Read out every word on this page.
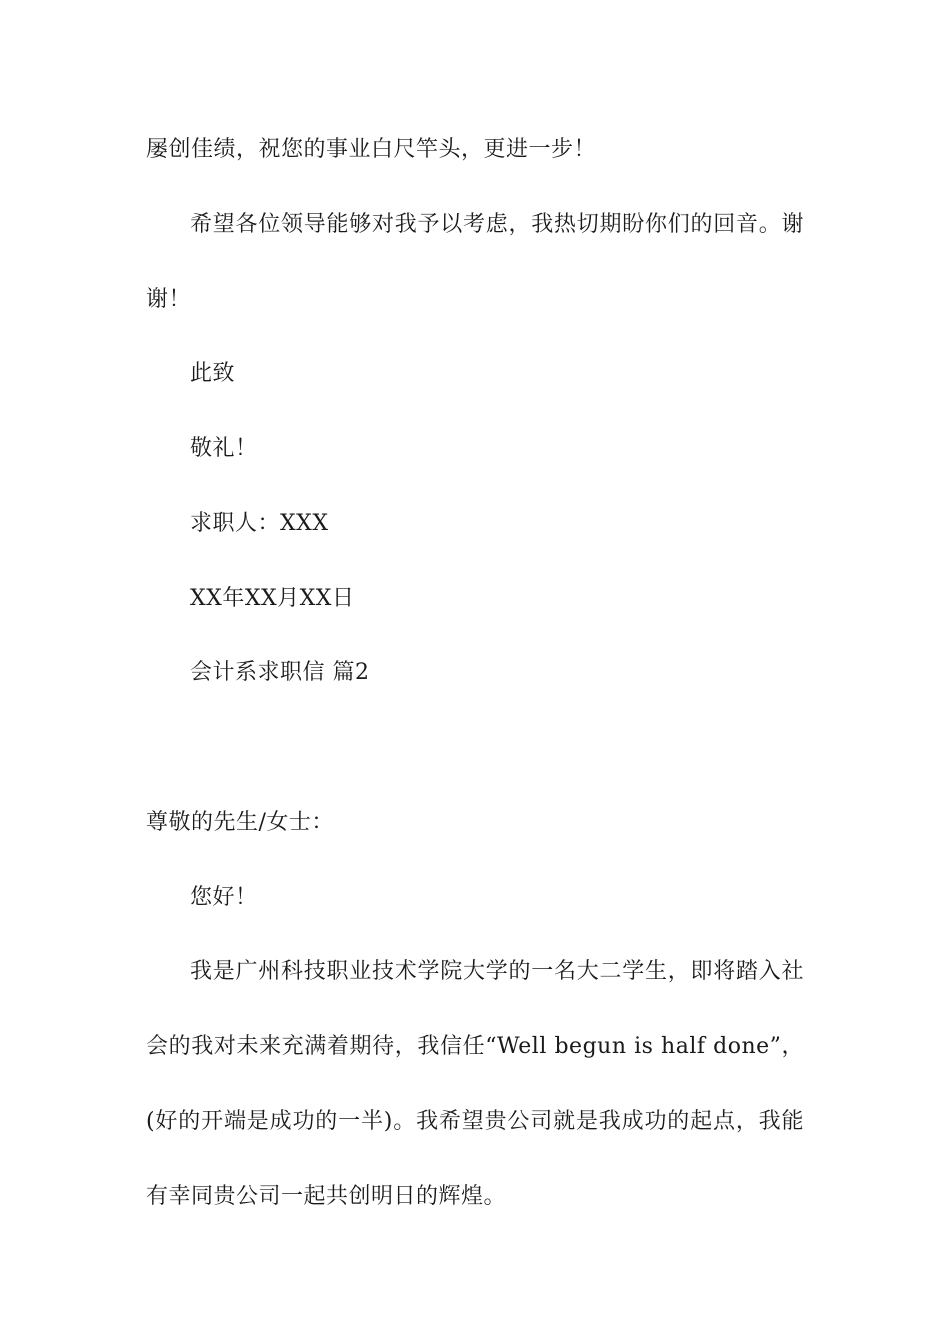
屡创佳绩，祝您的事业白尺竿头，更进一步！
希望各位领导能够对我予以考虑，我热切期盼你们的回音。谢
谢！
此致
敬礼！
求职人：XXX
XX年XX月XX日
会计系求职信 篇2
尊敬的先生/女士：
您好！
我是广州科技职业技术学院大学的一名大二学生，即将踏入社
会的我对未来充满着期待，我信任“Well begun is half done”，
(好的开端是成功的一半)。我希望贵公司就是我成功的起点，我能
有幸同贵公司一起共创明日的辉煌。
